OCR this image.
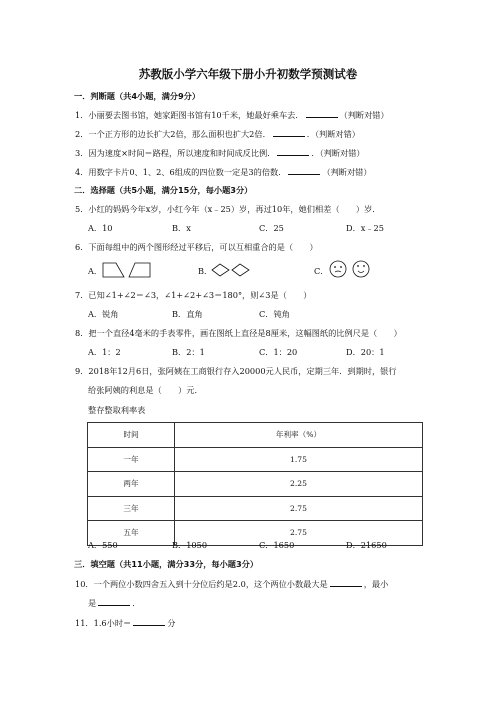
苏教版小学六年级下册小升初数学预测试卷
一．判断题（共4小题，满分9分）
1．小丽要去图书馆，她家距图书馆有10千米，她最好乘车去．	（判断对错）
2．一个正方形的边长扩大2倍，那么面积也扩大2倍．	．（判断对错）
3．因为速度×时间＝路程，所以速度和时间成反比例．	．（判断对错）
4．用数字卡片0、1、2、6组成的四位数一定是3的倍数．	（判断对错）
二．选择题（共5小题，满分15分，每小题3分）
5．小红的妈妈今年x岁，小红今年（x﹣25）岁，再过10年，她们相差（　　）岁．
A．10	B．x	C．25	D．x﹣25
6．下面每组中的两个图形经过平移后，可以互相重合的是（　　）
A．	B．	C．
7．已知∠1+∠2＝∠3，∠1+∠2+∠3＝180°，则∠3是（　　）
A．锐角	B．直角	C．钝角
8．把一个直径4毫米的手表零件，画在图纸上直径是8厘米，这幅图纸的比例尺是（　　）
A．1：2	B．2：1	C．1：20	D．20：1
9．2018年12月6日，张阿姨在工商银行存入20000元人民币，定期三年．到期时，银行
给张阿姨的利息是（　　）元．
整存整取利率表
时间	年利率（%）
一年	1.75
两年	2.25
三年	2.75
五年	2.75
A．550	B．1050	C．1650	D．21650
三．填空题（共11小题，满分33分，每小题3分）
10．一个两位小数四舍五入到十分位后约是2.0，这个两位小数最大是	，最小
是	．
11．1.6小时＝	分
